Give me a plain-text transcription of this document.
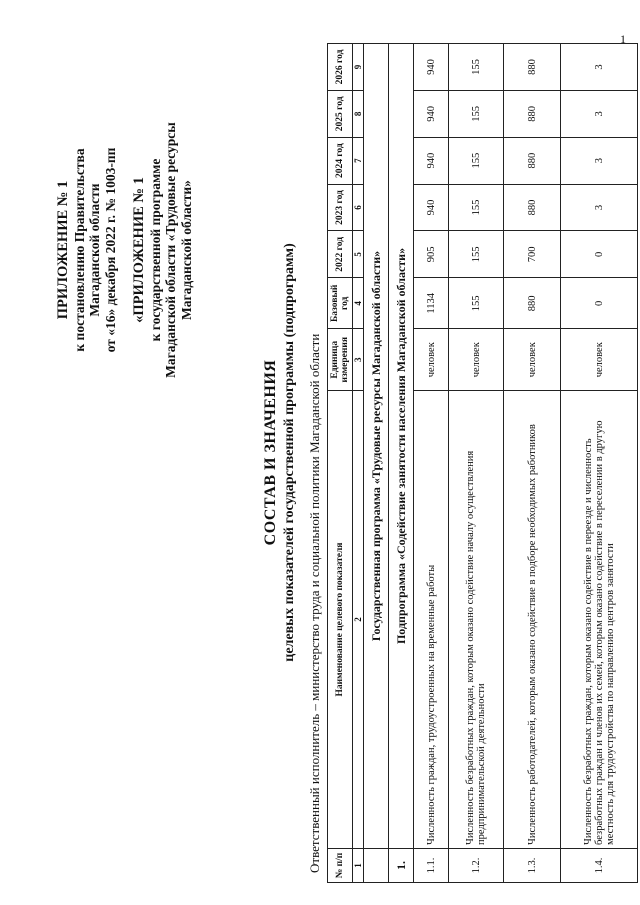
1
ПРИЛОЖЕНИЕ № 1 к постановлению Правительства Магаданской области от «16» декабря 2022 г. № 1003-пп «ПРИЛОЖЕНИЕ № 1 к государственной программе Магаданской области «Трудовые ресурсы Магаданской области»
СОСТАВ И ЗНАЧЕНИЯ целевых показателей государственной программы (подпрограмм) Ответственный исполнитель – министерство труда и социальной политики Магаданской области № п/п	Наименование целевого показателя	Единица измерения	Базовый год	2022 год	2023 год	2024 год	2025 год	2026 год
1	2	3	4	5	6	7	8	9
	Государственная программа «Трудовые ресурсы Магаданской области»							
1.	Подпрограмма «Содействие занятости населения Магаданской области»							
1.1.	Численность граждан, трудоустроенных на временные работы	человек	1134	905	940	940	940	940
1.2.	Численность безработных граждан, которым оказано содействие началу осуществления предпринимательской деятельности	человек	155	155	155	155	155	155
1.3.	Численность работодателей, которым оказано содействие в подборе необходимых работников	человек	880	700	880	880	880	880
1.4.	Численность безработных граждан, которым оказано содействие в переезде и численность безработных граждан и членов их семей, которым оказано содействие в переселении в другую местность для трудоустройства по направлению центров занятости	человек	0	0	3	3	3	3
